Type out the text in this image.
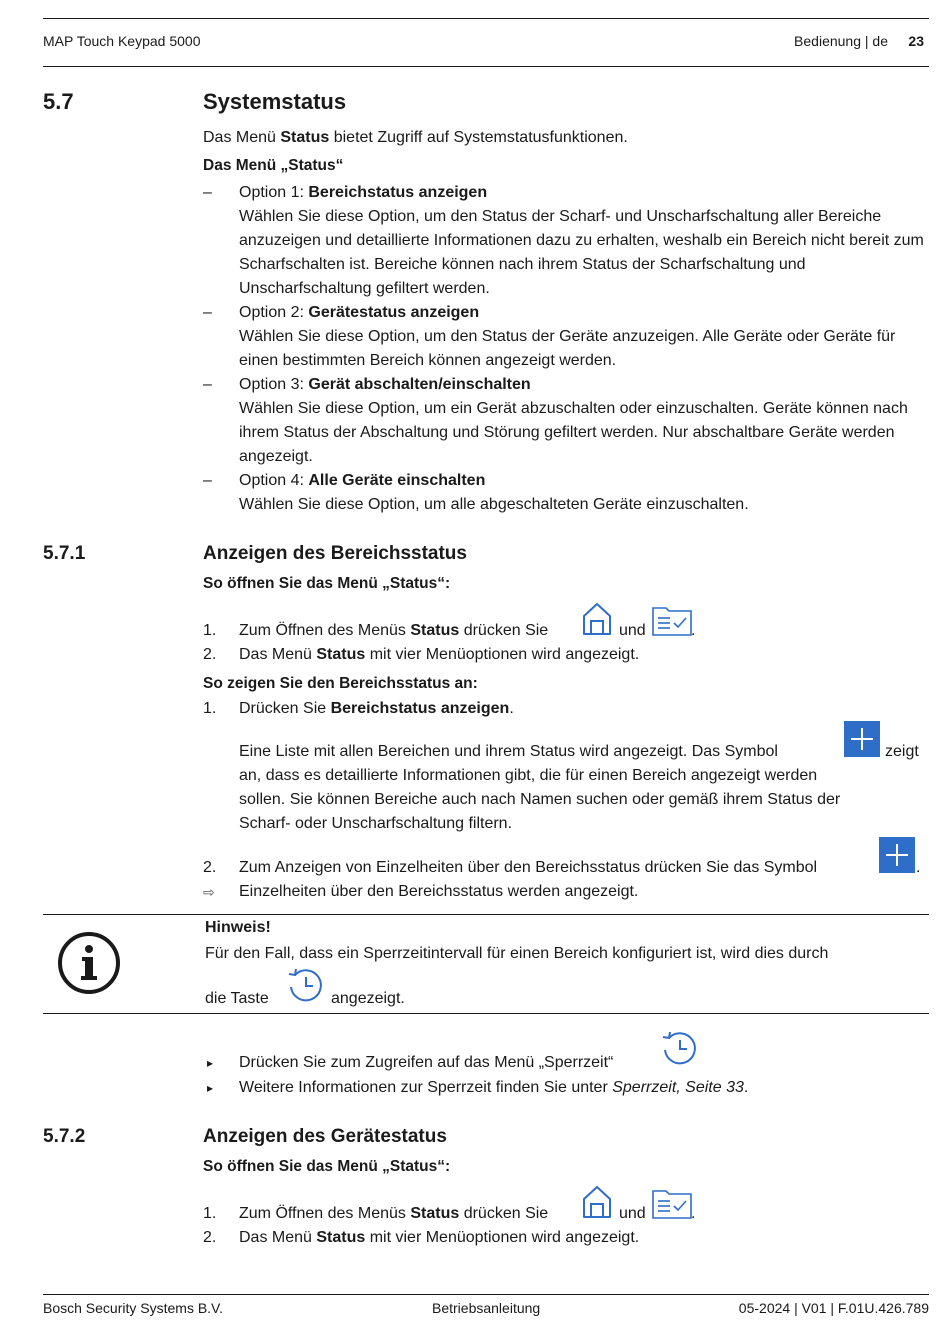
MAP Touch Keypad 5000	Bedienung | de 23
5.7	Systemstatus
Das Menü Status bietet Zugriff auf Systemstatusfunktionen.
Das Menü „Status“
–	Option 1: Bereichstatus anzeigen
Wählen Sie diese Option, um den Status der Scharf- und Unscharfschaltung aller Bereiche anzuzeigen und detaillierte Informationen dazu zu erhalten, weshalb ein Bereich nicht bereit zum Scharfschalten ist. Bereiche können nach ihrem Status der Scharfschaltung und Unscharfschaltung gefiltert werden.
–	Option 2: Gerätestatus anzeigen
Wählen Sie diese Option, um den Status der Geräte anzuzeigen. Alle Geräte oder Geräte für einen bestimmten Bereich können angezeigt werden.
–	Option 3: Gerät abschalten/einschalten
Wählen Sie diese Option, um ein Gerät abzuschalten oder einzuschalten. Geräte können nach ihrem Status der Abschaltung und Störung gefiltert werden. Nur abschaltbare Geräte werden angezeigt.
–	Option 4: Alle Geräte einschalten
Wählen Sie diese Option, um alle abgeschalteten Geräte einzuschalten.
5.7.1	Anzeigen des Bereichsstatus
So öffnen Sie das Menü „Status“:
1.	Zum Öffnen des Menüs Status drücken Sie	und	.
2.	Das Menü Status mit vier Menüoptionen wird angezeigt.
So zeigen Sie den Bereichsstatus an:
1.	Drücken Sie Bereichstatus anzeigen.
Eine Liste mit allen Bereichen und ihrem Status wird angezeigt. Das Symbol	zeigt
an, dass es detaillierte Informationen gibt, die für einen Bereich angezeigt werden
sollen. Sie können Bereiche auch nach Namen suchen oder gemäß ihrem Status der
Scharf- oder Unscharfschaltung filtern.
2.	Zum Anzeigen von Einzelheiten über den Bereichsstatus drücken Sie das Symbol	.
⇨	Einzelheiten über den Bereichsstatus werden angezeigt.
Hinweis!
Für den Fall, dass ein Sperrzeitintervall für einen Bereich konfiguriert ist, wird dies durch
die Taste	angezeigt.
▸	Drücken Sie zum Zugreifen auf das Menü „Sperrzeit“
▸	Weitere Informationen zur Sperrzeit finden Sie unter Sperrzeit, Seite 33.
5.7.2	Anzeigen des Gerätestatus
So öffnen Sie das Menü „Status“:
1.	Zum Öffnen des Menüs Status drücken Sie	und	.
2.	Das Menü Status mit vier Menüoptionen wird angezeigt.
Bosch Security Systems B.V.	Betriebsanleitung	05-2024 | V01 | F.01U.426.789
